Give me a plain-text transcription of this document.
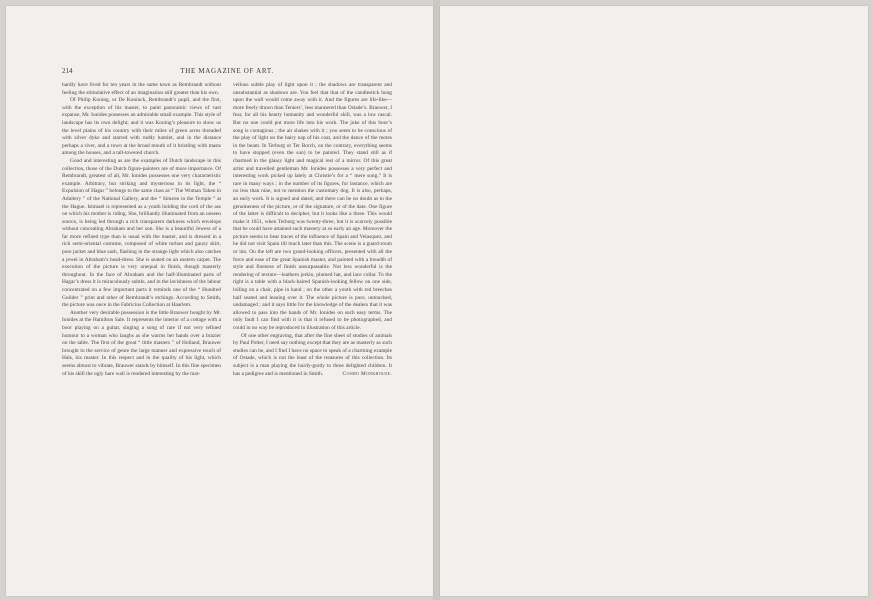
214	THE MAGAZINE OF ART.

hardly have lived for ten years in the same town as Rembrandt without feeling the stimulative effect of an imagination still greater than his own.

Of Philip Koning, or De Koninck, Rembrandt’s pupil, and the first, with the exception of his master, to paint panoramic views of vast expanse, Mr. Ionides possesses an admirable small example. This style of landscape has its own delight; and it was Koning’s pleasure to show us the level plains of his country with their miles of green acres threaded with silver dyke and starred with ruddy hamlet, and in the distance perhaps a river, and a town at the broad mouth of it bristling with masts among the houses, and a tall-towered church.

Good and interesting as are the examples of Dutch landscape in this collection, those of the Dutch figure-painters are of more importance. Of Rembrandt, greatest of all, Mr. Ionides possesses one very characteristic example. Arbitrary, but striking and mysterious in its light, the “ Expulsion of Hagar ” belongs to the same class as “ The Woman Taken in Adultery ” of the National Gallery, and the “ Simeon in the Temple ” at the Hague. Ishmael is represented as a youth holding the cord of the ass on which his mother is riding. She, brilliantly illuminated from an unseen source, is being led through a rich transparent darkness which envelops without concealing Abraham and her son. She is a beautiful Jewess of a far more refined type than is usual with the master, and is dressed in a rich semi-oriental costume, composed of white turban and gauzy skirt, pure jacket and blue sash, flashing in the strange light which also catches a jewel in Abraham’s head-dress. She is seated on an eastern carpet. The execution of the picture is very unequal in finish, though masterly throughout. In the face of Abraham and the half-illuminated parts of Hagar’s dress it is miraculously subtle, and in the lavishness of the labour concentrated on a few important parts it reminds one of the “ Hundred Guilder ” print and other of Rembrandt’s etchings. According to Smith, the picture was once in the Fabricius Collection at Haarlem.

Another very desirable possession is the little Brauwer bought by Mr. Ionides at the Hamilton Sale. It represents the interior of a cottage with a boor playing on a guitar, singing a song of rare if not very refined humour to a woman who laughs as she warms her hands over a brazier on the table. The first of the great “ little masters ” of Holland, Brauwer brought to the service of genre the large manner and expressive touch of Hals, his master. In this respect and in the quality of his light, which seems almost to vibrate, Brauwer stands by himself. In this fine specimen of his skill the ugly bare wall is rendered interesting by the mar-

vellous subtle play of light upon it ; the shadows are transparent and unsubstantial as shadows are. You feel that that of the candlestick hung upon the wall would come away with it. And the figures are life-like—more freely drawn than Teniers’, less mannered than Ostade’s. Brauwer, I fear, for all his hearty humanity and wonderful skill, was a low rascal. But no one could put more life into his work. The joke of this boor’s song is contagious ; the air shakes with it ; you seem to be conscious of the play of light on the hairy nap of his coat, and the dance of the motes in the beam. In Terburg or Ter Borch, on the contrary, everything seems to have stopped (even the sun) to be painted. They stand still as if charmed in the glassy light and magical rest of a mirror. Of this great artist and travelled gentleman Mr. Ionides possesses a very perfect and interesting work picked up lately at Christie’s for a “ mere song.” It is rare in many ways ; in the number of its figures, for instance, which are no less than nine, not to mention the customary dog. It is also, perhaps, an early work. It is signed and dated, and there can be no doubt as to the genuineness of the picture, or of the signature, or of the date. One figure of the latter is difficult to decipher, but it looks like a three. This would make it 1651, when Terburg was twenty-three, but it is scarcely possible that he could have attained such mastery at so early an age. Moreover the picture seems to bear traces of the influence of Spain and Velasquez, and he did not visit Spain till much later than this. The scene is a guard-room or inn. On the left are two grand-looking officers, presented with all the force and ease of the great Spanish master, and painted with a breadth of style and fineness of finish unsurpassable. Not less wonderful is the rendering of texture—leathern jerkin, plumed hat, and lace collar. To the right is a table with a black-haired Spanish-looking fellow on one side, lolling on a chair, pipe in hand ; on the other a youth with red breeches half seated and leaning over it. The whole picture is pure, untouched, undamaged ; and it says little for the knowledge of the dealers that it was allowed to pass into the hands of Mr. Ionides on such easy terms. The only fault I can find with it is that it refused to be photographed, and could in no way be reproduced in illustration of this article.

Of one other engraving, that after the fine sheet of studies of animals by Paul Potter, I need say nothing except that they are as masterly as such studies can be, and I find I have no space to speak of a charming example of Ostade, which is not the least of the treasures of this collection. Its subject is a man playing the hurdy-gurdy to three delighted children. It has a pedigree and is mentioned in Smith.	Cosmo Monkhouse.
